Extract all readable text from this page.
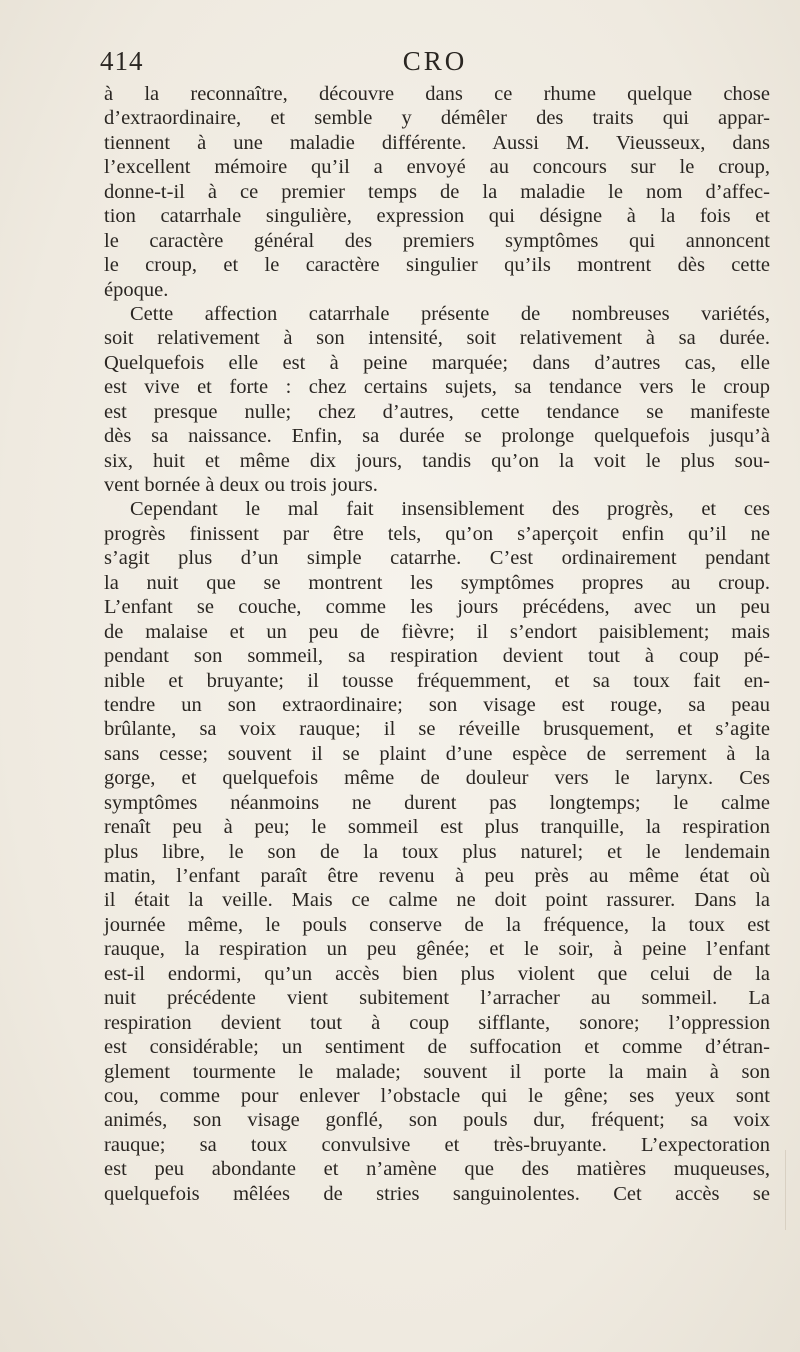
414	CRO
à la reconnaître, découvre dans ce rhume quelque chose
d’extraordinaire, et semble y démêler des traits qui appar-
tiennent à une maladie différente. Aussi M. Vieusseux, dans
l’excellent mémoire qu’il a envoyé au concours sur le croup,
donne-t-il à ce premier temps de la maladie le nom d’affec-
tion catarrhale singulière, expression qui désigne à la fois et
le caractère général des premiers symptômes qui annoncent
le croup, et le caractère singulier qu’ils montrent dès cette
époque.
Cette affection catarrhale présente de nombreuses variétés,
soit relativement à son intensité, soit relativement à sa durée.
Quelquefois elle est à peine marquée; dans d’autres cas, elle
est vive et forte : chez certains sujets, sa tendance vers le croup
est presque nulle; chez d’autres, cette tendance se manifeste
dès sa naissance. Enfin, sa durée se prolonge quelquefois jusqu’à
six, huit et même dix jours, tandis qu’on la voit le plus sou-
vent bornée à deux ou trois jours.
Cependant le mal fait insensiblement des progrès, et ces
progrès finissent par être tels, qu’on s’aperçoit enfin qu’il ne
s’agit plus d’un simple catarrhe. C’est ordinairement pendant
la nuit que se montrent les symptômes propres au croup.
L’enfant se couche, comme les jours précédens, avec un peu
de malaise et un peu de fièvre; il s’endort paisiblement; mais
pendant son sommeil, sa respiration devient tout à coup pé-
nible et bruyante; il tousse fréquemment, et sa toux fait en-
tendre un son extraordinaire; son visage est rouge, sa peau
brûlante, sa voix rauque; il se réveille brusquement, et s’agite
sans cesse; souvent il se plaint d’une espèce de serrement à la
gorge, et quelquefois même de douleur vers le larynx. Ces
symptômes néanmoins ne durent pas longtemps; le calme
renaît peu à peu; le sommeil est plus tranquille, la respiration
plus libre, le son de la toux plus naturel; et le lendemain
matin, l’enfant paraît être revenu à peu près au même état où
il était la veille. Mais ce calme ne doit point rassurer. Dans la
journée même, le pouls conserve de la fréquence, la toux est
rauque, la respiration un peu gênée; et le soir, à peine l’enfant
est-il endormi, qu’un accès bien plus violent que celui de la
nuit précédente vient subitement l’arracher au sommeil. La
respiration devient tout à coup sifflante, sonore; l’oppression
est considérable; un sentiment de suffocation et comme d’étran-
glement tourmente le malade; souvent il porte la main à son
cou, comme pour enlever l’obstacle qui le gêne; ses yeux sont
animés, son visage gonflé, son pouls dur, fréquent; sa voix
rauque; sa toux convulsive et très-bruyante. L’expectoration
est peu abondante et n’amène que des matières muqueuses,
quelquefois mêlées de stries sanguinolentes. Cet accès se
